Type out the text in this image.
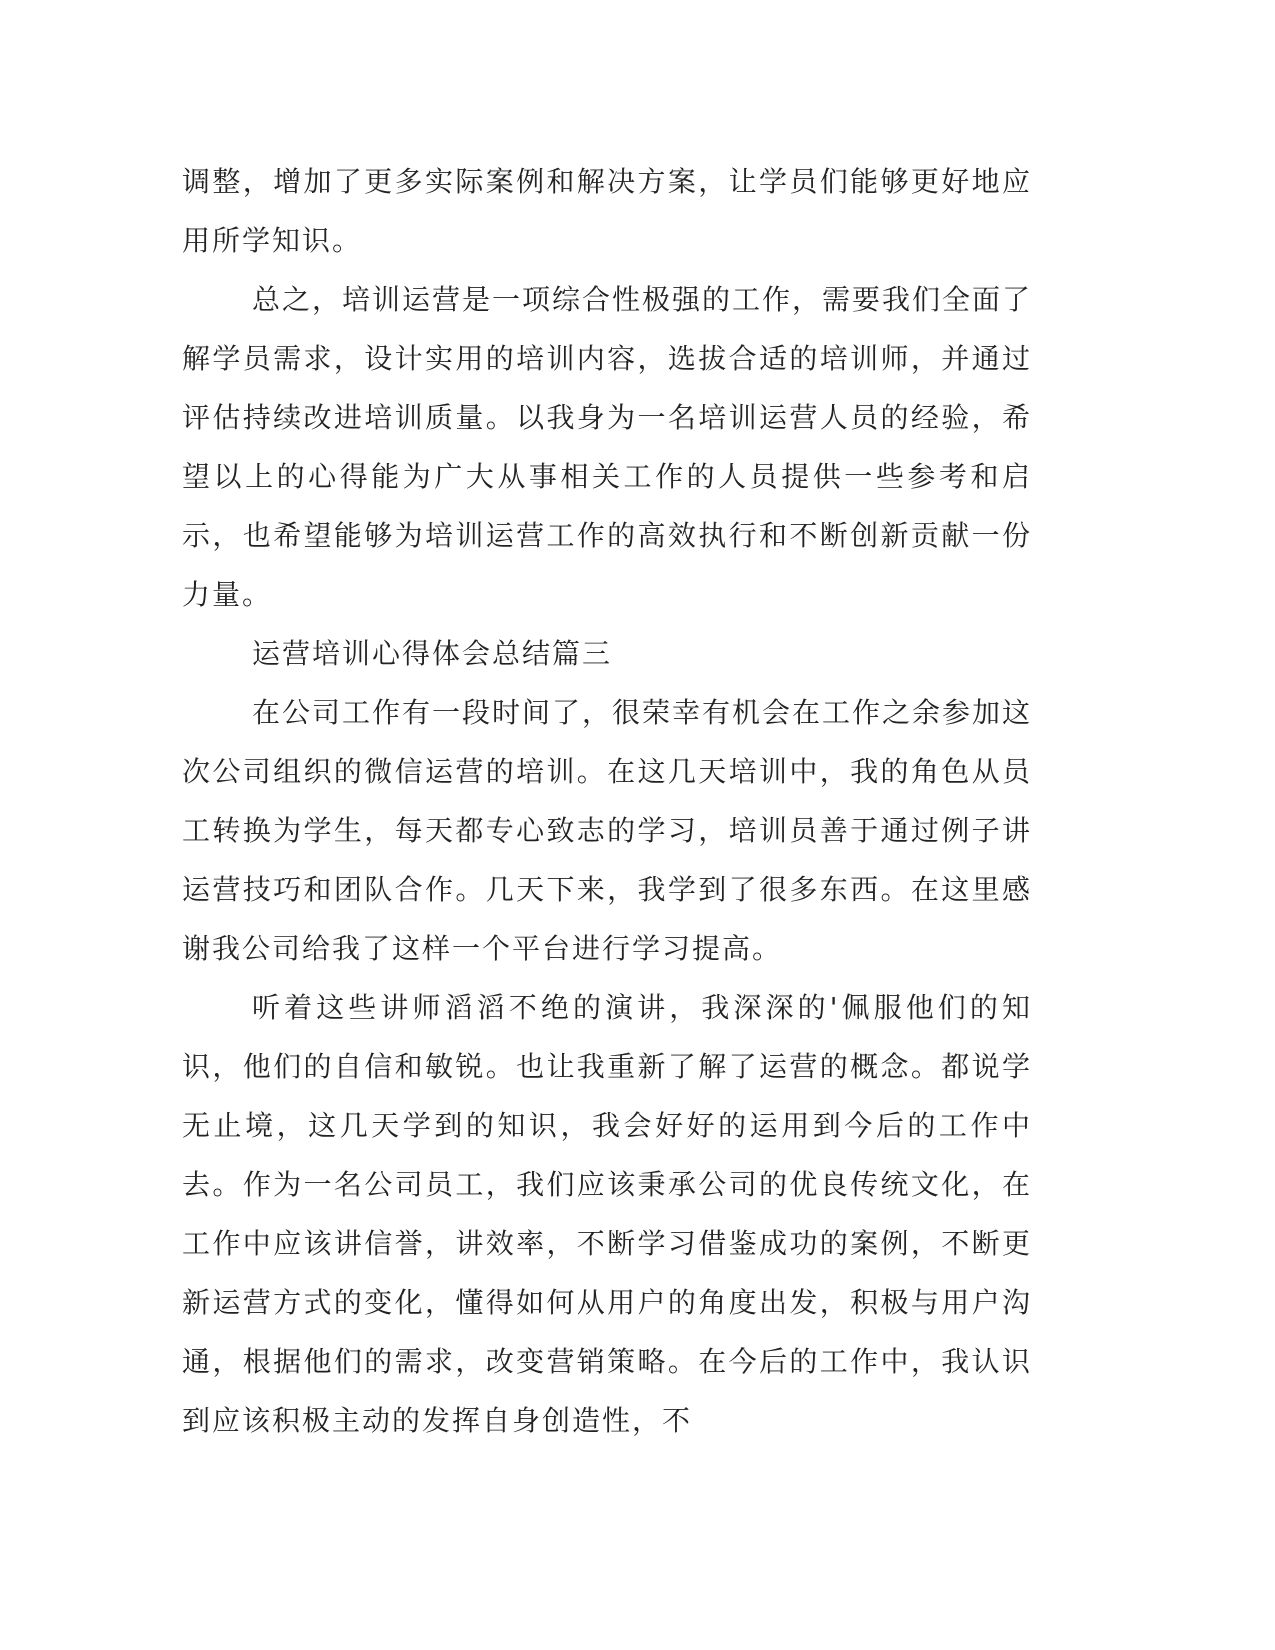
调整，增加了更多实际案例和解决方案，让学员们能够更好地应用所学知识。

总之，培训运营是一项综合性极强的工作，需要我们全面了解学员需求，设计实用的培训内容，选拔合适的培训师，并通过评估持续改进培训质量。以我身为一名培训运营人员的经验，希望以上的心得能为广大从事相关工作的人员提供一些参考和启示，也希望能够为培训运营工作的高效执行和不断创新贡献一份力量。

运营培训心得体会总结篇三

在公司工作有一段时间了，很荣幸有机会在工作之余参加这次公司组织的微信运营的培训。在这几天培训中，我的角色从员工转换为学生，每天都专心致志的学习，培训员善于通过例子讲运营技巧和团队合作。几天下来，我学到了很多东西。在这里感谢我公司给我了这样一个平台进行学习提高。

听着这些讲师滔滔不绝的演讲，我深深的'佩服他们的知识，他们的自信和敏锐。也让我重新了解了运营的概念。都说学无止境，这几天学到的知识，我会好好的运用到今后的工作中去。作为一名公司员工，我们应该秉承公司的优良传统文化，在工作中应该讲信誉，讲效率，不断学习借鉴成功的案例，不断更新运营方式的变化，懂得如何从用户的角度出发，积极与用户沟通，根据他们的需求，改变营销策略。在今后的工作中，我认识到应该积极主动的发挥自身创造性，不
